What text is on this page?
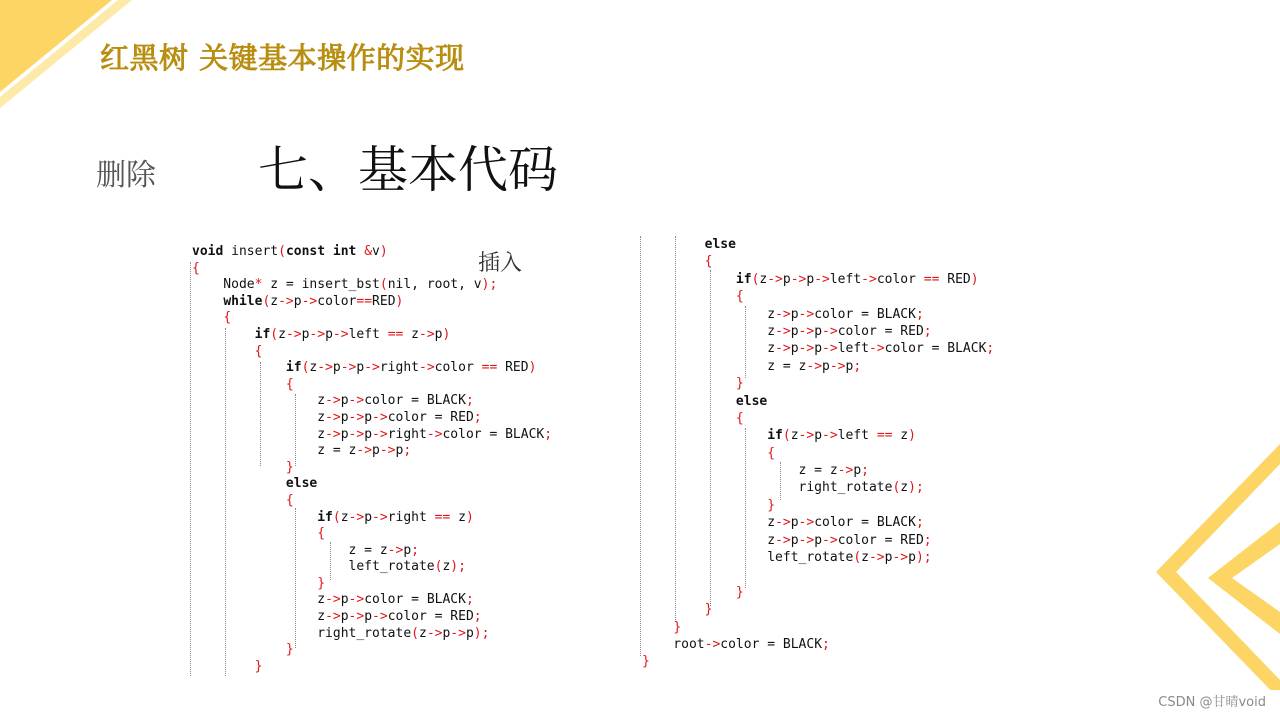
红黑树 关键基本操作的实现
删除 七、基本代码
插入
void insert(const int &v)
{
Node* z = insert_bst(nil, root, v);
while(z->p->color==RED)
{
if(z->p->p->left == z->p)
{
if(z->p->p->right->color == RED)
{
z->p->color = BLACK;
z->p->p->color = RED;
z->p->p->right->color = BLACK;
z = z->p->p;
}
else
{
if(z->p->right == z)
{
z = z->p;
left_rotate(z);
}
z->p->color = BLACK;
z->p->p->color = RED;
right_rotate(z->p->p);
}
}
else
{
if(z->p->p->left->color == RED)
{
z->p->color = BLACK;
z->p->p->color = RED;
z->p->p->left->color = BLACK;
z = z->p->p;
}
else
{
if(z->p->left == z)
{
z = z->p;
right_rotate(z);
}
z->p->color = BLACK;
z->p->p->color = RED;
left_rotate(z->p->p);
}
}
}
root->color = BLACK;
}
CSDN @甘晴void
